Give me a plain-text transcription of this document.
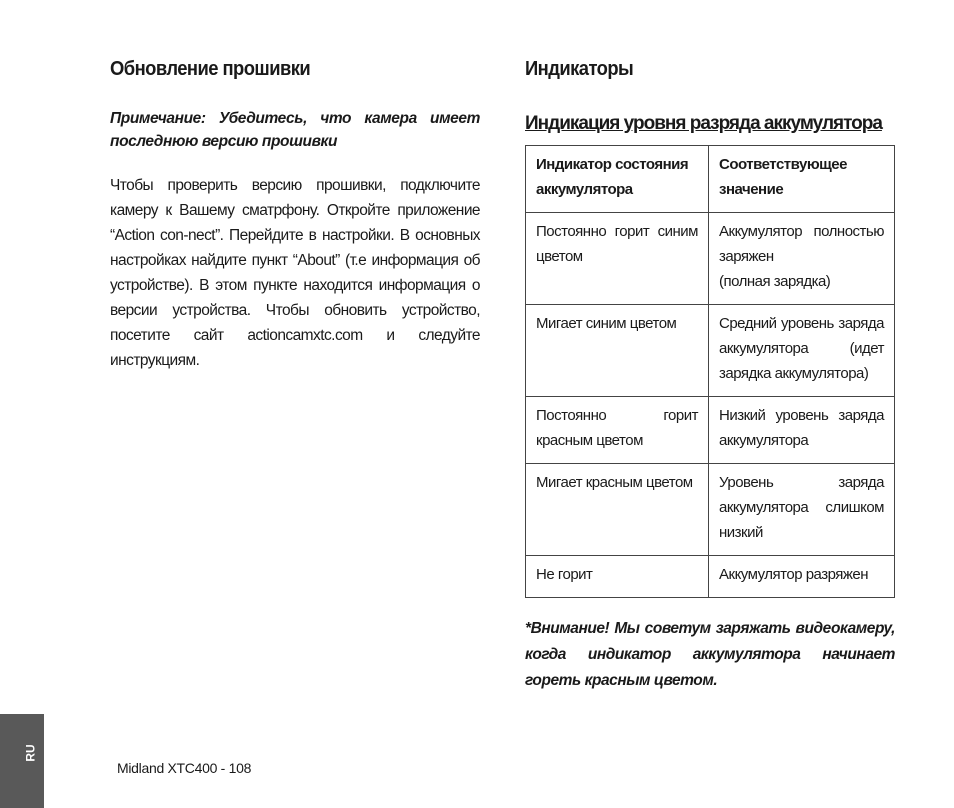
Обновление прошивки
Примечание: Убедитесь, что камера имеет последнюю версию прошивки
Чтобы проверить версию прошивки, подключите камеру к Вашему сматрфону. Откройте приложение “Action con-nect”. Перейдите в настройки. В основных настройках найдите пункт “About” (т.е информация об устройстве). В этом пункте находится информация о версии устройства. Чтобы обновить устройство, посетите сайт actioncamxtc.com и следуйте инструкциям.
Индикаторы
Индикация уровня разряда аккумулятора
Индикатор состояния аккумулятора	Соответствующее значение
Постоянно горит синим цветом	Аккумулятор полностью заряжен
(полная зарядка)
Мигает синим цветом	Средний уровень заряда аккумулятора (идет зарядка аккумулятора)
Постоянно горит красным цветом	Низкий уровень заряда аккумулятора
Мигает красным цветом	Уровень заряда аккумулятора слишком низкий
Не горит	Аккумулятор разряжен
*Внимание! Мы советум заряжать видеокамеру, когда индикатор аккумулятора начинает гореть красным цветом.
RU
Midland XTC400 - 108
